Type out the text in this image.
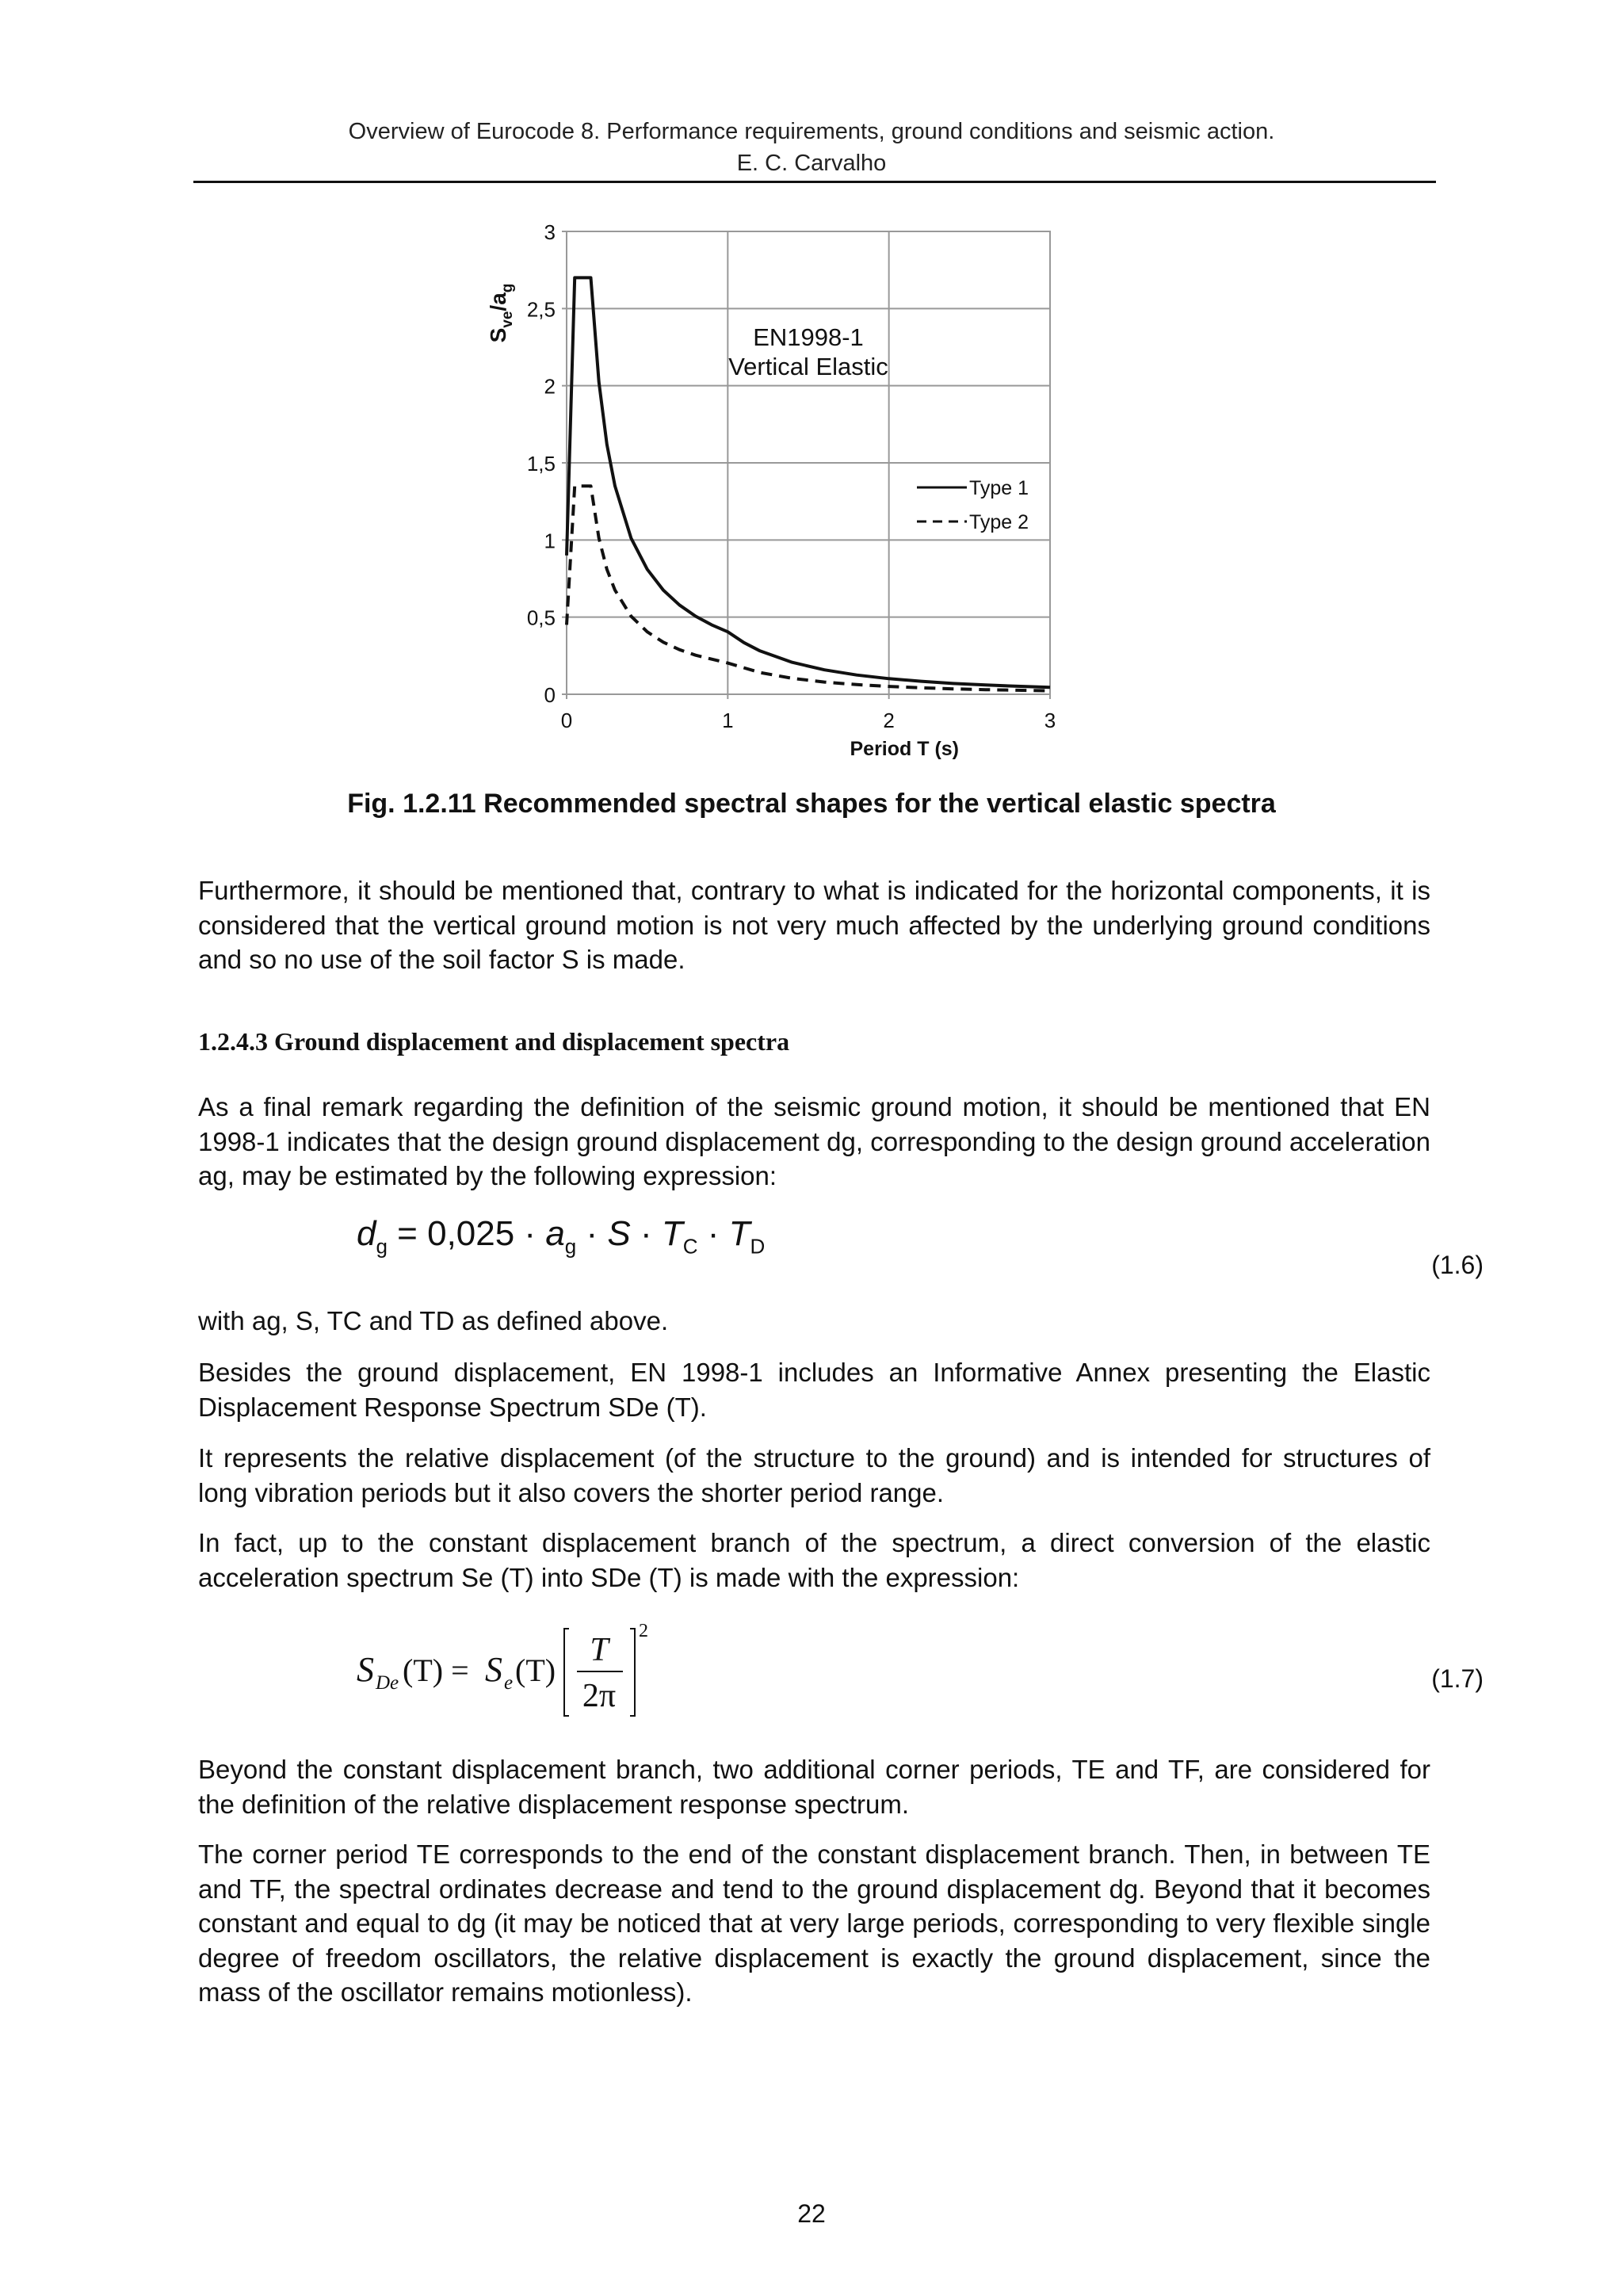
Overview of Eurocode 8. Performance requirements, ground conditions and seismic action.
E. C. Carvalho
0
0,5
1
1,5
2
2,5
3
0	1	2	3
EN1998-1
Vertical Elastic
Type 1
Type 2
$S_{ve}/a_g$
Period T (s)
Fig. 1.2.11 Recommended spectral shapes for the vertical elastic spectra

Furthermore, it should be mentioned that, contrary to what is indicated for the horizontal components, it is considered that the vertical ground motion is not very much affected by the underlying ground conditions and so no use of the soil factor S is made.

1.2.4.3 Ground displacement and displacement spectra

As a final remark regarding the definition of the seismic ground motion, it should be mentioned that EN 1998-1 indicates that the design ground displacement dg, corresponding to the design ground acceleration ag, may be estimated by the following expression:

$d_g = 0,025 \cdot a_g \cdot S \cdot T_C \cdot T_D$
(1.6)

with ag, S, TC and TD as defined above.

Besides the ground displacement, EN 1998-1 includes an Informative Annex presenting the Elastic Displacement Response Spectrum SDe (T).

It represents the relative displacement (of the structure to the ground) and is intended for structures of long vibration periods but it also covers the shorter period range.

In fact, up to the constant displacement branch of the spectrum, a direct conversion of the elastic acceleration spectrum Se (T) into SDe (T) is made with the expression:

S De (T) = S e (T)
T
2π
2
(1.7)

Beyond the constant displacement branch, two additional corner periods, TE and TF, are considered for the definition of the relative displacement response spectrum.

The corner period TE corresponds to the end of the constant displacement branch. Then, in between TE and TF, the spectral ordinates decrease and tend to the ground displacement dg. Beyond that it becomes constant and equal to dg (it may be noticed that at very large periods, corresponding to very flexible single degree of freedom oscillators, the relative displacement is exactly the ground displacement, since the mass of the oscillator remains motionless).

22
